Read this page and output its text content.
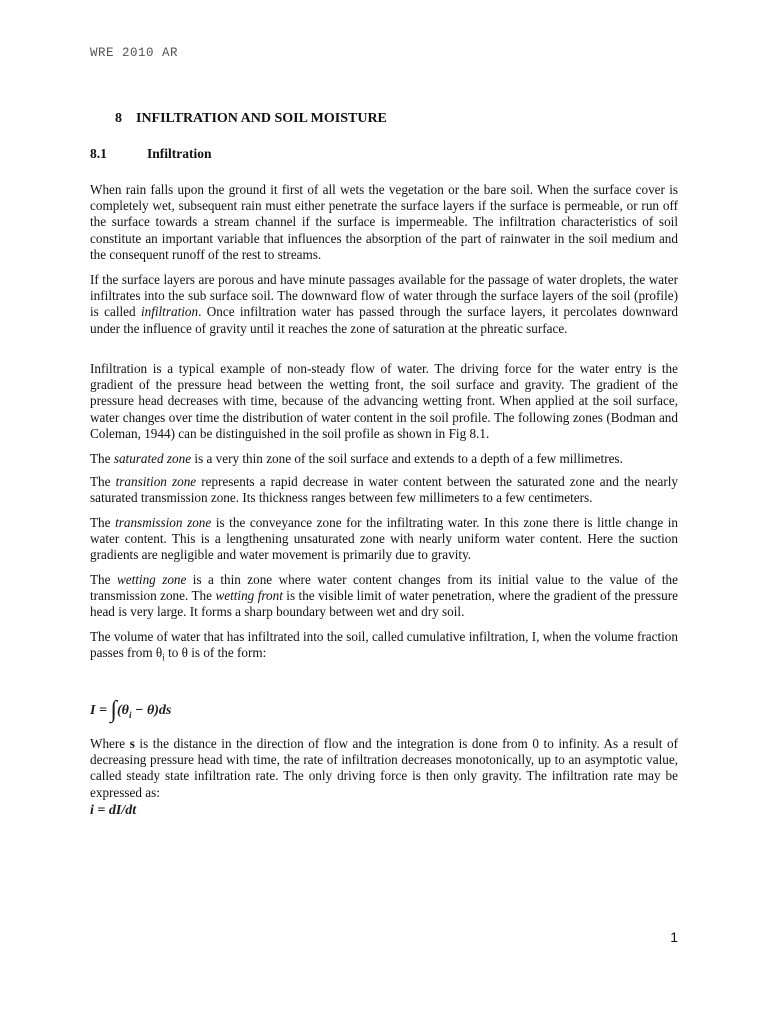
WRE 2010 AR
8 INFILTRATION AND SOIL MOISTURE
8.1	Infiltration

When rain falls upon the ground it first of all wets the vegetation or the bare soil. When the surface cover is completely wet, subsequent rain must either penetrate the surface layers if the surface is permeable, or run off the surface towards a stream channel if the surface is impermeable. The infiltration characteristics of soil constitute an important variable that influences the absorption of the part of rainwater in the soil medium and the consequent runoff of the rest to streams.

If the surface layers are porous and have minute passages available for the passage of water droplets, the water infiltrates into the sub surface soil. The downward flow of water through the surface layers of the soil (profile) is called infiltration. Once infiltration water has passed through the surface layers, it percolates downward under the influence of gravity until it reaches the zone of saturation at the phreatic surface.

Infiltration is a typical example of non-steady flow of water. The driving force for the water entry is the gradient of the pressure head between the wetting front, the soil surface and gravity. The gradient of the pressure head decreases with time, because of the advancing wetting front. When applied at the soil surface, water changes over time the distribution of water content in the soil profile. The following zones (Bodman and Coleman, 1944) can be distinguished in the soil profile as shown in Fig 8.1.

The saturated zone is a very thin zone of the soil surface and extends to a depth of a few millimetres.

The transition zone represents a rapid decrease in water content between the saturated zone and the nearly saturated transmission zone. Its thickness ranges between few millimeters to a few centimeters.

The transmission zone is the conveyance zone for the infiltrating water. In this zone there is little change in water content. This is a lengthening unsaturated zone with nearly uniform water content. Here the suction gradients are negligible and water movement is primarily due to gravity.

The wetting zone is a thin zone where water content changes from its initial value to the value of the transmission zone. The wetting front is the visible limit of water penetration, where the gradient of the pressure head is very large. It forms a sharp boundary between wet and dry soil.

The volume of water that has infiltrated into the soil, called cumulative infiltration, I, when the volume fraction passes from $\theta_i$ to θ is of the form:

$I = \int(\theta_i - \theta)ds$

Where s is the distance in the direction of flow and the integration is done from 0 to infinity. As a result of decreasing pressure head with time, the rate of infiltration decreases monotonically, up to an asymptotic value, called steady state infiltration rate. The only driving force is then only gravity. The infiltration rate may be expressed as:

i = dI/dt
1
